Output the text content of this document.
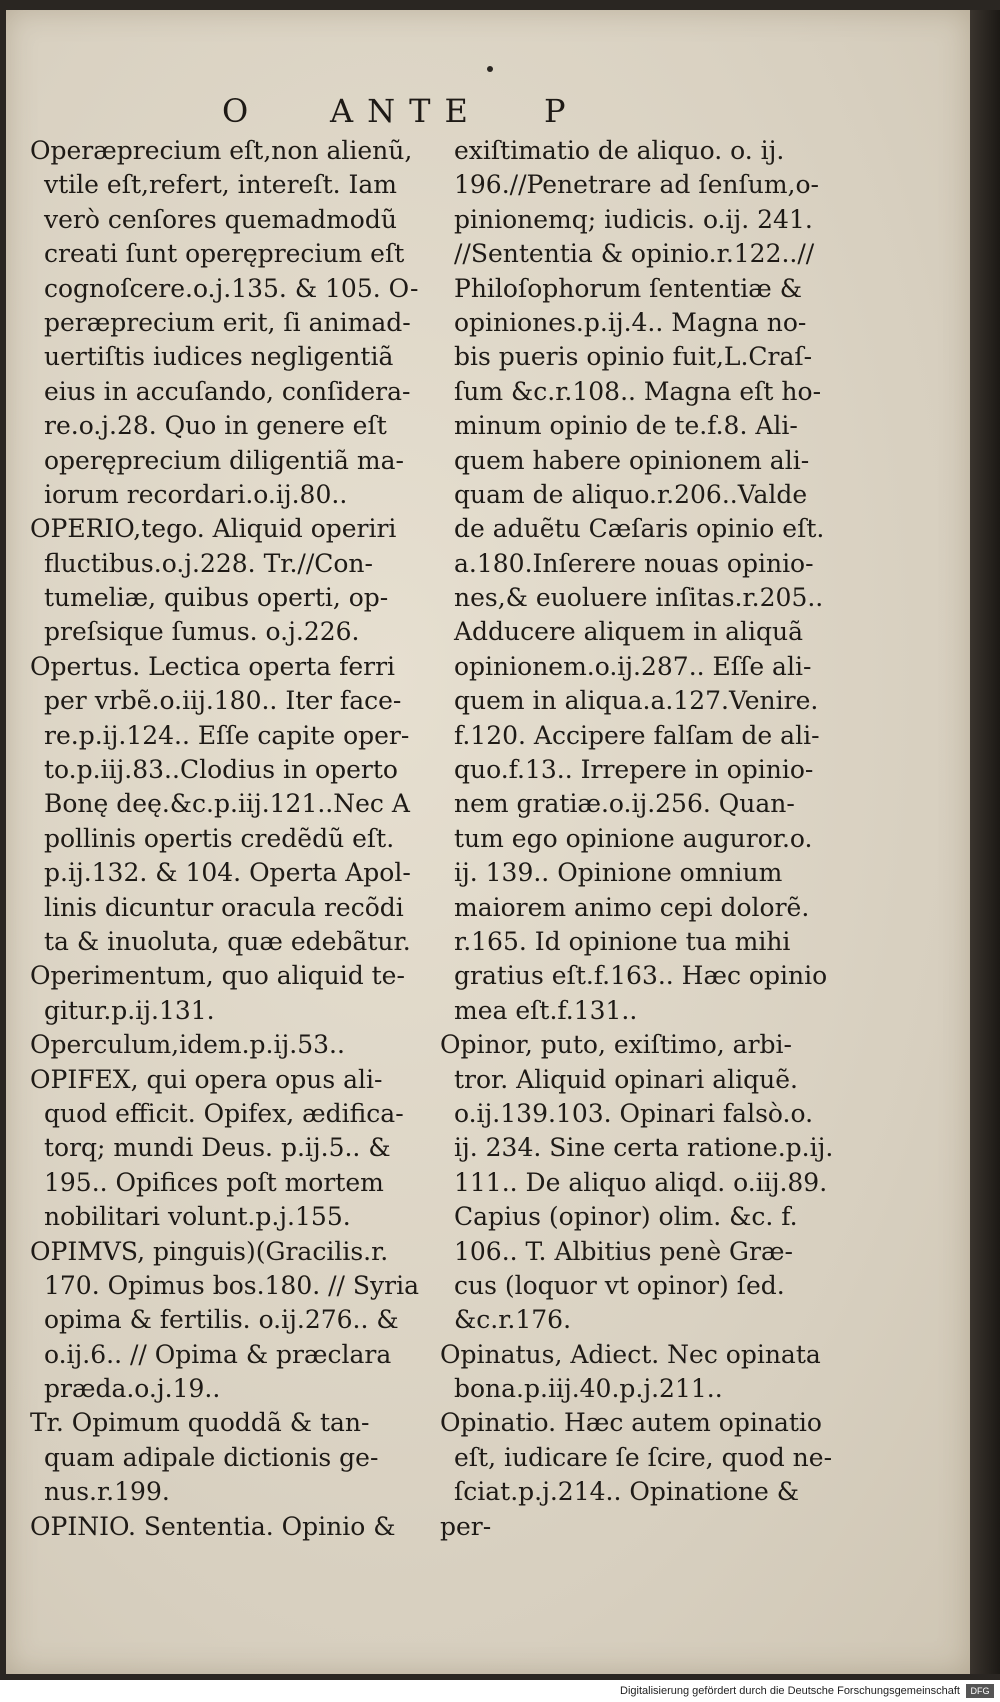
O ANTE P
Operæprecium eſt,non alienũ,
vtile eſt,refert, intereſt. Iam
verò cenſores quemadmodũ
creati ſunt operęprecium eſt
cognoſcere.o.j.135. & 105. O-
peræprecium erit, ſi animad-
uertiſtis iudices negligentiã
eius in accuſando, conſidera-
re.o.j.28. Quo in genere eſt
operęprecium diligentiã ma-
iorum recordari.o.ij.80..
OPERIO,tego. Aliquid operiri
fluctibus.o.j.228. Tr.//Con-
tumeliæ, quibus operti, op-
preſsique ſumus. o.j.226.
Opertus. Lectica operta ferri
per vrbẽ.o.iij.180.. Iter face-
re.p.ij.124.. Eſſe capite oper-
to.p.iij.83..Clodius in operto
Bonę deę.&c.p.iij.121..Nec A
pollinis opertis credẽdũ eſt.
p.ij.132. & 104. Operta Apol-
linis dicuntur oracula recõdi
ta & inuoluta, quæ edebãtur.
Operimentum, quo aliquid te-
gitur.p.ij.131.
Operculum,idem.p.ij.53..
OPIFEX, qui opera opus ali-
quod efficit. Opifex, ædifica-
torq; mundi Deus. p.ij.5.. &
195.. Opifices poſt mortem
nobilitari volunt.p.j.155.
OPIMVS, pinguis)(Gracilis.r.
170. Opimus bos.180. // Syria
opima & fertilis. o.ij.276.. &
o.ij.6.. // Opima & præclara
præda.o.j.19..
Tr. Opimum quoddã & tan-
quam adipale dictionis ge-
nus.r.199.
OPINIO. Sententia. Opinio &
exiſtimatio de aliquo. o. ij.
196.//Penetrare ad ſenſum,o-
pinionemq; iudicis. o.ij. 241.
//Sententia & opinio.r.122..//
Philoſophorum ſententiæ &
opiniones.p.ij.4.. Magna no-
bis pueris opinio fuit,L.Craſ-
ſum &c.r.108.. Magna eſt ho-
minum opinio de te.f.8. Ali-
quem habere opinionem ali-
quam de aliquo.r.206..Valde
de aduẽtu Cæſaris opinio eſt.
a.180.Inſerere nouas opinio-
nes,& euoluere inſitas.r.205..
Adducere aliquem in aliquã
opinionem.o.ij.287.. Eſſe ali-
quem in aliqua.a.127.Venire.
f.120. Accipere falſam de ali-
quo.f.13.. Irrepere in opinio-
nem gratiæ.o.ij.256. Quan-
tum ego opinione auguror.o.
ij. 139.. Opinione omnium
maiorem animo cepi dolorẽ.
r.165. Id opinione tua mihi
gratius eſt.f.163.. Hæc opinio
mea eſt.f.131..
Opinor, puto, exiſtimo, arbi-
tror. Aliquid opinari aliquẽ.
o.ij.139.103. Opinari falsò.o.
ij. 234. Sine certa ratione.p.ij.
111.. De aliquo aliqd. o.iij.89.
Capius (opinor) olim. &c. f.
106.. T. Albitius penè Græ-
cus (loquor vt opinor) ſed.
&c.r.176.
Opinatus, Adiect. Nec opinata
bona.p.iij.40.p.j.211..
Opinatio. Hæc autem opinatio
eſt, iudicare ſe ſcire, quod ne-
ſciat.p.j.214.. Opinatione &
per-
Digitalisierung gefördert durch die Deutsche Forschungsgemeinschaft	DFG
